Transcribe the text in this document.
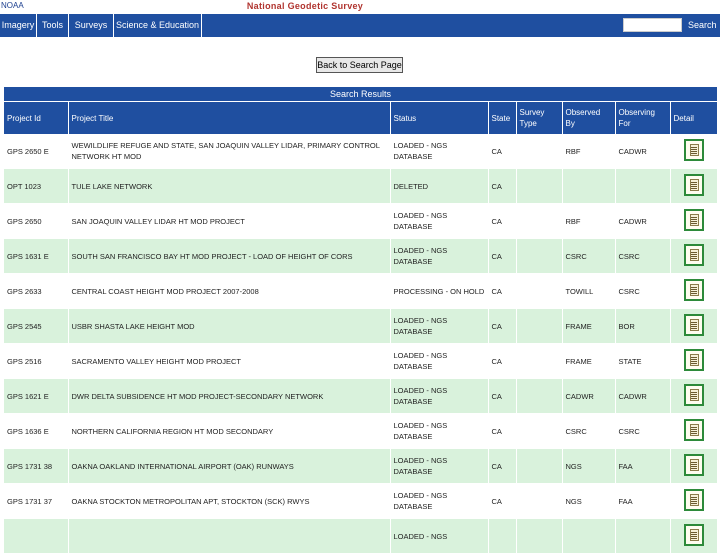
NOAA	National Geodetic Survey
Imagery Tools	Surveys Science & Education	Search
Back to Search Page
Search Results
Project Id	Project Title	Status	State	Survey Type	Observed By	Observing For	Detail
GPS 2650 E	WEWILDLIFE REFUGE AND STATE, SAN JOAQUIN VALLEY LIDAR, PRIMARY CONTROL NETWORK HT MOD	LOADED - NGS DATABASE	CA		RBF	CADWR	

OPT 1023	TULE LAKE NETWORK	DELETED	CA				

GPS 2650	SAN JOAQUIN VALLEY LIDAR HT MOD PROJECT	LOADED - NGS DATABASE	CA		RBF	CADWR	

GPS 1631 E	SOUTH SAN FRANCISCO BAY HT MOD PROJECT - LOAD OF HEIGHT OF CORS	LOADED - NGS DATABASE	CA		CSRC	CSRC	

GPS 2633	CENTRAL COAST HEIGHT MOD PROJECT 2007-2008	PROCESSING - ON HOLD	CA		TOWILL	CSRC	

GPS 2545	USBR SHASTA LAKE HEIGHT MOD	LOADED - NGS DATABASE	CA		FRAME	BOR	

GPS 2516	SACRAMENTO VALLEY HEIGHT MOD PROJECT	LOADED - NGS DATABASE	CA		FRAME	STATE	

GPS 1621 E	DWR DELTA SUBSIDENCE HT MOD PROJECT-SECONDARY NETWORK	LOADED - NGS DATABASE	CA		CADWR	CADWR	

GPS 1636 E	NORTHERN CALIFORNIA REGION HT MOD SECONDARY	LOADED - NGS DATABASE	CA		CSRC	CSRC	

GPS 1731 38	OAKNA OAKLAND INTERNATIONAL AIRPORT (OAK) RUNWAYS	LOADED - NGS DATABASE	CA		NGS	FAA	

GPS 1731 37	OAKNA STOCKTON METROPOLITAN APT, STOCKTON (SCK) RWYS	LOADED - NGS DATABASE	CA		NGS	FAA	

		LOADED - NGS					
